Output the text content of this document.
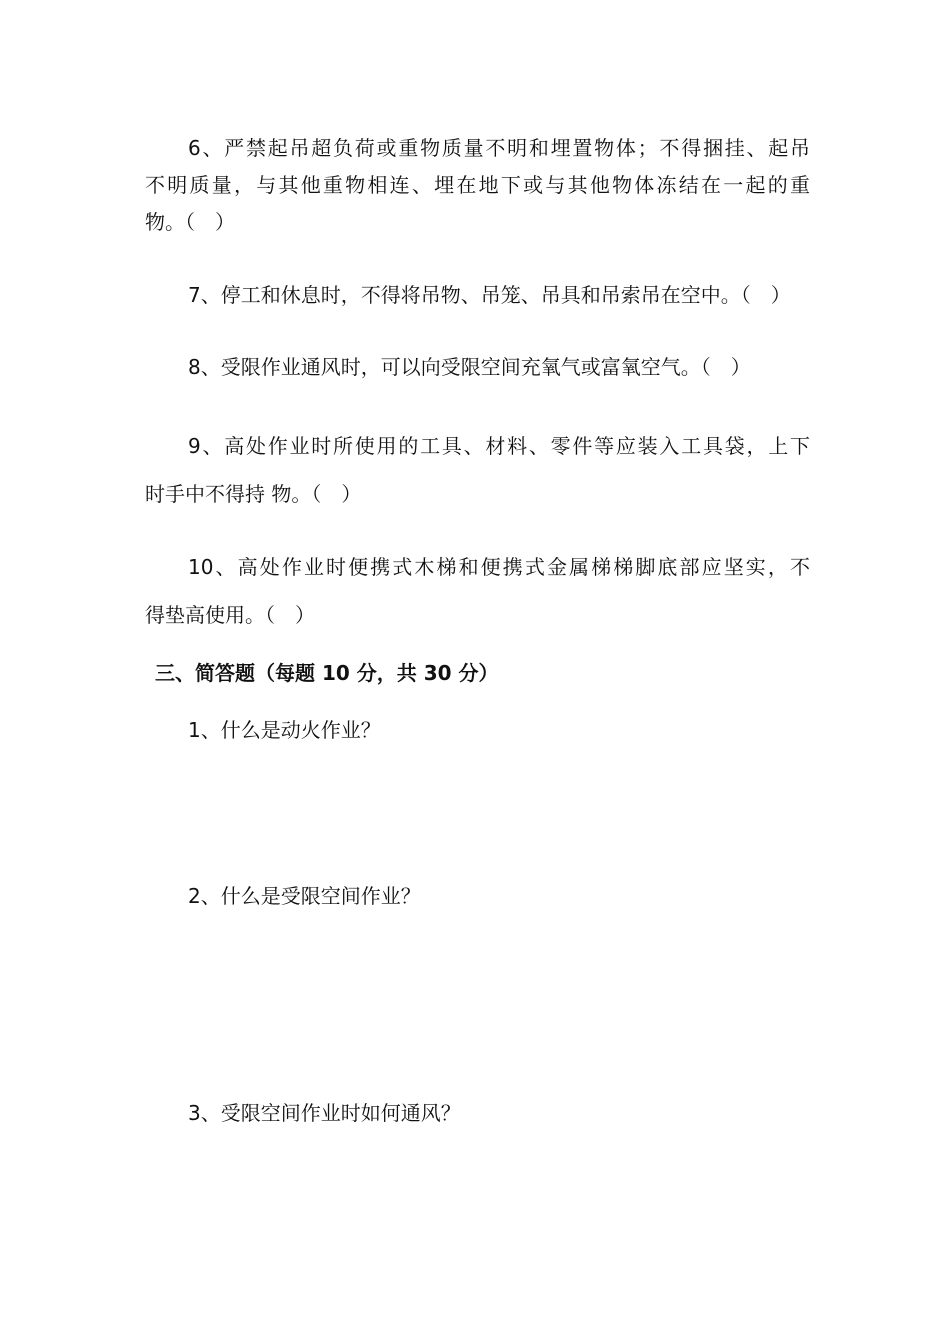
6、严禁起吊超负荷或重物质量不明和埋置物体；不得捆挂、起吊
不明质量，与其他重物相连、埋在地下或与其他物体冻结在一起的重
物。（　）
7、停工和休息时，不得将吊物、吊笼、吊具和吊索吊在空中。（　）
8、受限作业通风时，可以向受限空间充氧气或富氧空气。（　）
9、高处作业时所使用的工具、材料、零件等应装入工具袋，上下
时手中不得持 物。（　）
10、高处作业时便携式木梯和便携式金属梯梯脚底部应坚实，不
得垫高使用。（　）
三、简答题（每题 10 分，共 30 分）

1、什么是动火作业？

2、什么是受限空间作业？

3、受限空间作业时如何通风？
